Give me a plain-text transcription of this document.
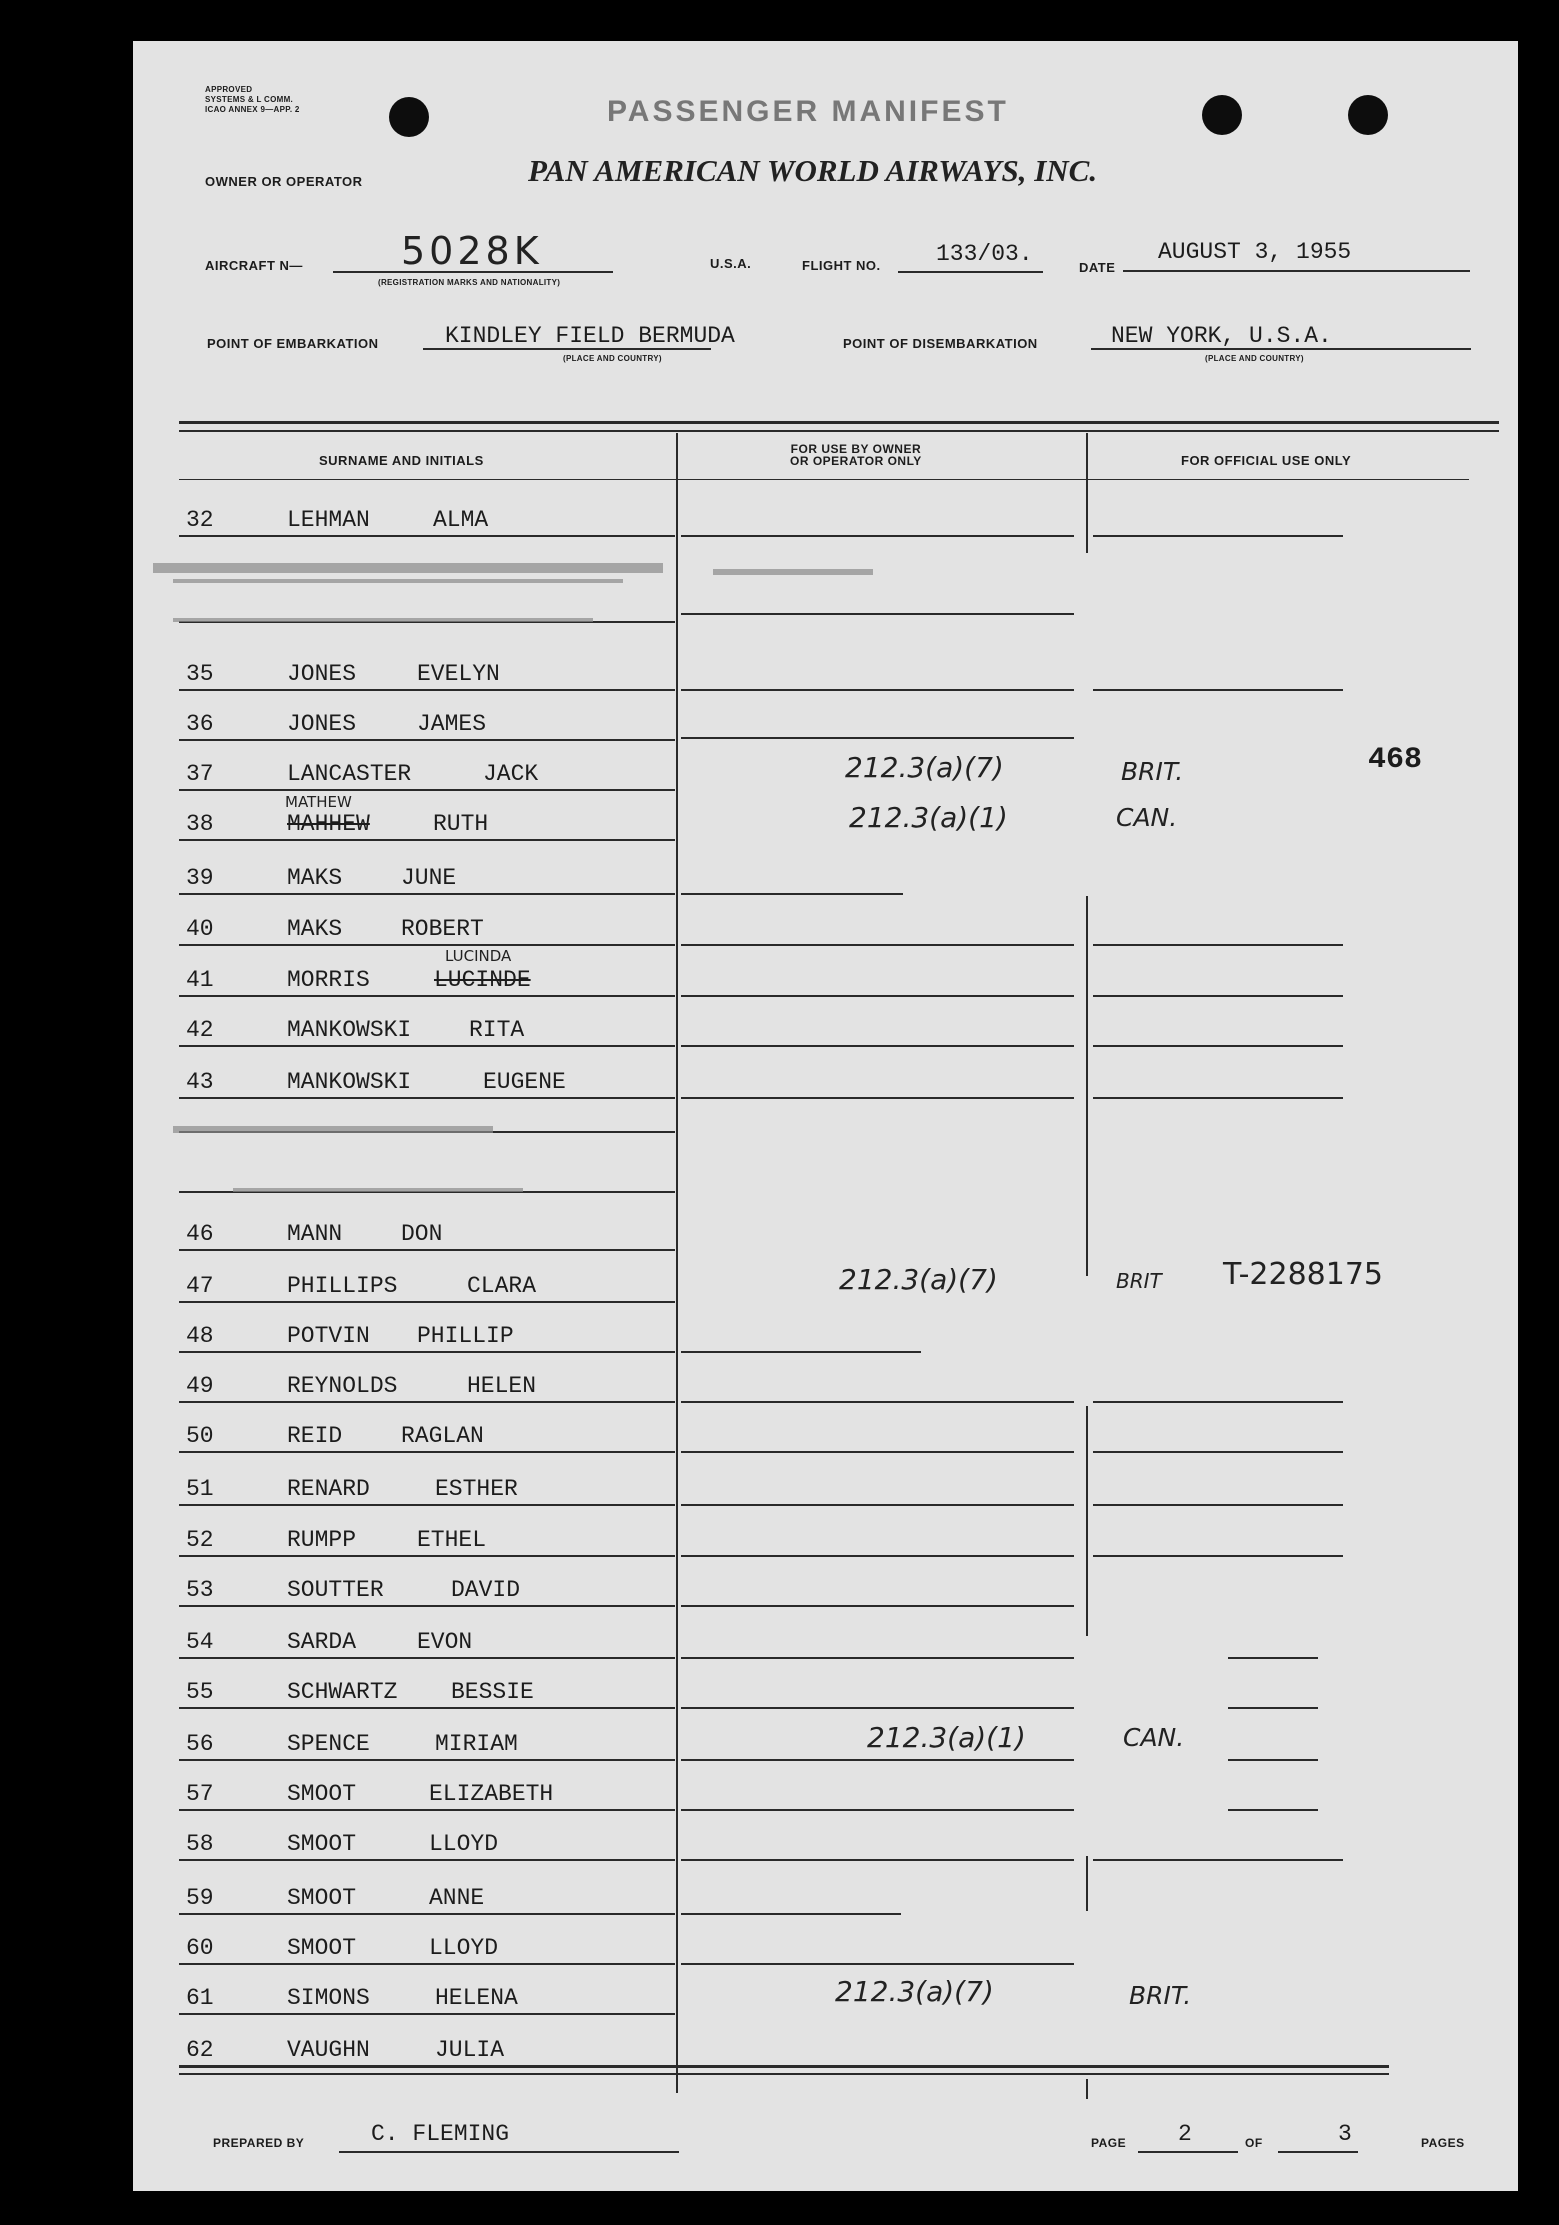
APPROVED
SYSTEMS & L COMM.
ICAO ANNEX 9—APP. 2	PASSENGER MANIFEST
OWNER OR OPERATOR	PAN AMERICAN WORLD AIRWAYS, INC.
AIRCRAFT N—	5028K
(REGISTRATION MARKS AND NATIONALITY)
U.S.A.	FLIGHT NO. 133/03.
DATE
AUGUST 3, 1955
POINT OF EMBARKATION	KINDLEY FIELD BERMUDA
(PLACE AND COUNTRY)
POINT OF DISEMBARKATION	NEW YORK, U.S.A.
(PLACE AND COUNTRY)
SURNAME AND INITIALS
FOR USE BY OWNER
OR OPERATOR ONLY	FOR OFFICIAL USE ONLY
32	LEHMAN	ALMA
35	JONES	EVELYN
36	JONES	JAMES
37	LANCASTER	JACK	212.3(a)(7)	BRIT.	468
MATHEW
38	MAHHEW	RUTH	212.3(a)(1)	CAN.
39	MAKS	JUNE
40	MAKS	ROBERT
LUCINDA
41	MORRIS	LUCINDE
42	MANKOWSKI	RITA
43	MANKOWSKI	EUGENE
46	MANN	DON
47	PHILLIPS	CLARA	212.3(a)(7)	BRIT T-2288175
48	POTVIN PHILLIP
49	REYNOLDS	HELEN
50	REID	RAGLAN
51	RENARD	ESTHER
52	RUMPP	ETHEL
53	SOUTTER	DAVID
54	SARDA	EVON
55	SCHWARTZ BESSIE
56	SPENCE	MIRIAM	212.3(a)(1)	CAN.
57	SMOOT	ELIZABETH
58	SMOOT	LLOYD
59	SMOOT	ANNE
60	SMOOT	LLOYD
61	SIMONS	HELENA	212.3(a)(7)	BRIT.
62	VAUGHN	JULIA
PREPARED BY	C. FLEMING	PAGE 2	OF	3	PAGES
